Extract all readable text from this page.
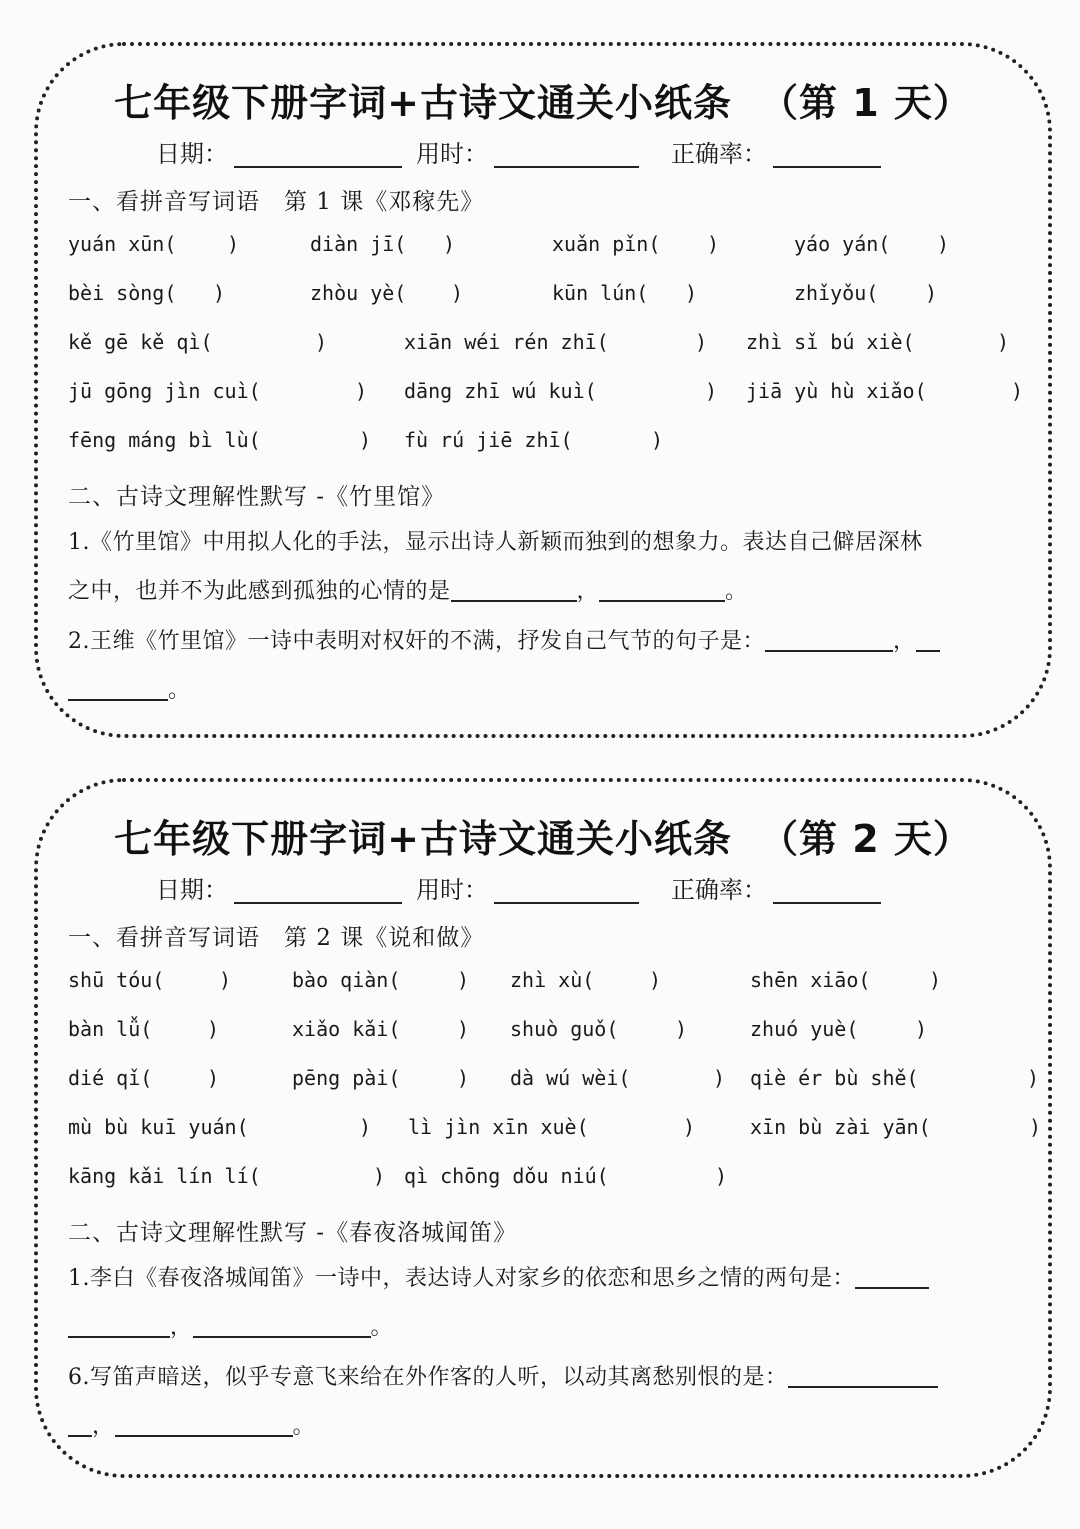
七年级下册字词+古诗文通关小纸条 （第 1 天）
日期：	用时：	正确率：
一、看拼音写词语　第 1 课《邓稼先》
yuán xūn(	)	diàn jī( )	xuǎn pǐn( )	yáo yán( )
bèi sòng( )	zhòu yè( )	kūn lún( )	zhǐyǒu( )
kě gē kě qì(	)	xiān wéi rén zhī(	) zhì sǐ bú xiè(	)
jū gōng jìn cuì(	) dāng zhī wú kuì(	) jiā yù hù xiǎo(	)
fēng máng bì lù(	) fù rú jiē zhī(	)
二、古诗文理解性默写 -《竹里馆》
1.《竹里馆》中用拟人化的手法，显示出诗人新颖而独到的想象力。表达自己僻居深林
之中，也并不为此感到孤独的心情的是	，	。
2.王维《竹里馆》一诗中表明对权奸的不满，抒发自己气节的句子是：	，
。
七年级下册字词+古诗文通关小纸条 （第 2 天）
日期：	用时：	正确率：
一、看拼音写词语　第 2 课《说和做》
shū tóu(	)	bào qiàn(	) zhì xù(	)	shēn xiāo(	)
bàn lǚ(	)	xiǎo kǎi(	) shuò guǒ(	)	zhuó yuè(	)
dié qǐ(	)	pēng pài(	) dà wú wèi(	) qiè ér bù shě(	)
mù bù kuī yuán(	) lì jìn xīn xuè(	)	xīn bù zài yān(	)
kāng kǎi lín lí(	) qì chōng dǒu niú(	)
二、古诗文理解性默写 -《春夜洛城闻笛》
1.李白《春夜洛城闻笛》一诗中，表达诗人对家乡的依恋和思乡之情的两句是：
，	。
6.写笛声暗送，似乎专意飞来给在外作客的人听，以动其离愁别恨的是：
，	。
